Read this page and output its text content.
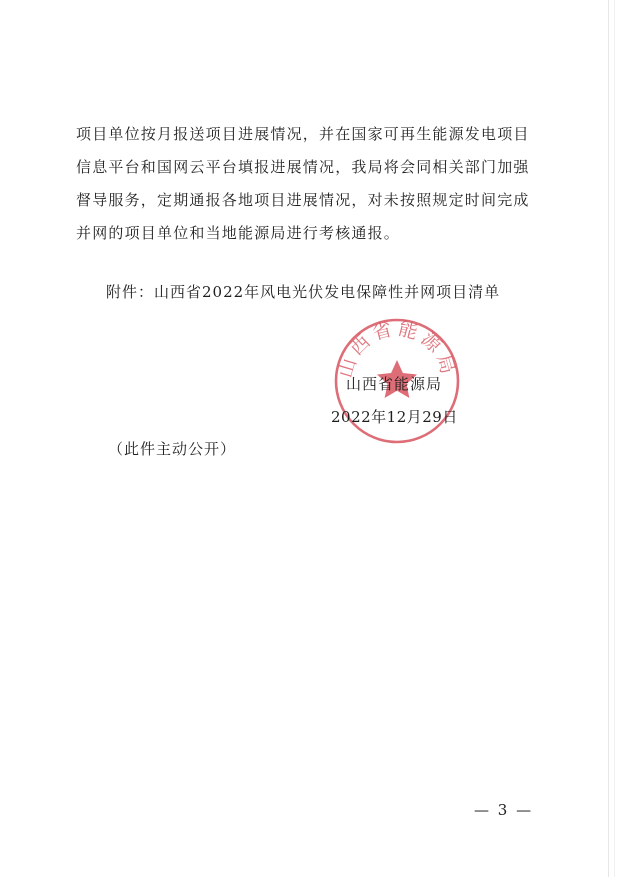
项目单位按月报送项目进展情况，并在国家可再生能源发电项目
信息平台和国网云平台填报进展情况，我局将会同相关部门加强
督导服务，定期通报各地项目进展情况，对未按照规定时间完成
并网的项目单位和当地能源局进行考核通报。
附件：山西省2022年风电光伏发电保障性并网项目清单
山西省能源局
山西省能源局
2022年12月29日
（此件主动公开）
— 3 —
